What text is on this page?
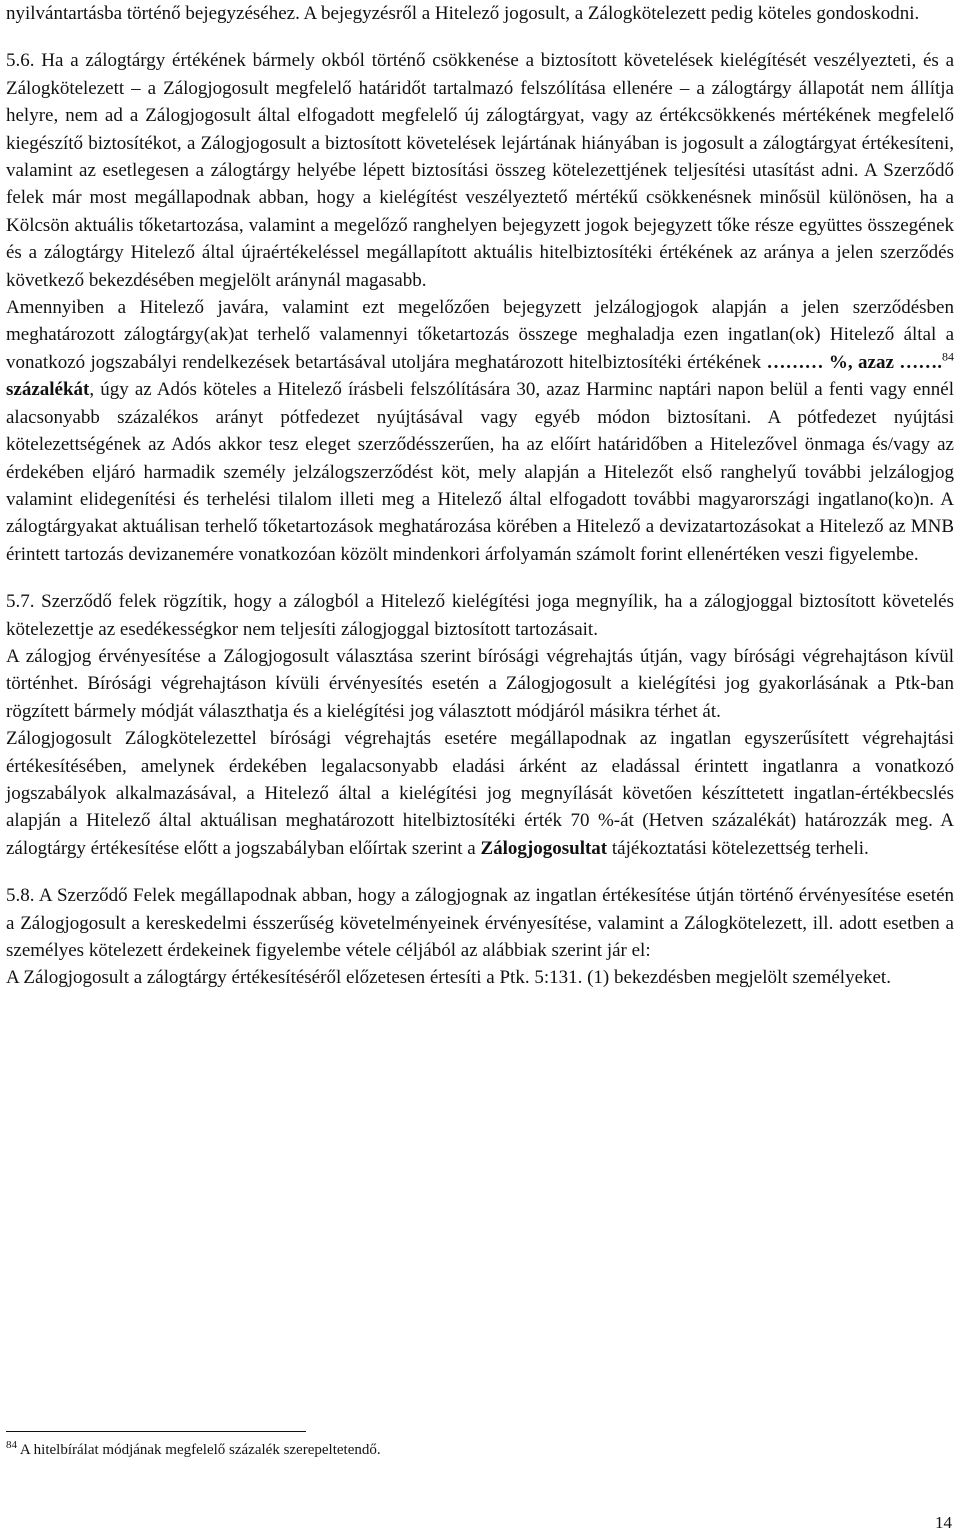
nyilvántartásba történő bejegyzéséhez. A bejegyzésről a Hitelező jogosult, a Zálogkötelezett pedig köteles gondoskodni.

5.6. Ha a zálogtárgy értékének bármely okból történő csökkenése a biztosított követelések kielégítését veszélyezteti, és a Zálogkötelezett – a Zálogjogosult megfelelő határidőt tartalmazó felszólítása ellenére – a zálogtárgy állapotát nem állítja helyre, nem ad a Zálogjogosult által elfogadott megfelelő új zálogtárgyat, vagy az értékcsökkenés mértékének megfelelő kiegészítő biztosítékot, a Zálogjogosult a biztosított követelések lejártának hiányában is jogosult a zálogtárgyat értékesíteni, valamint az esetlegesen a zálogtárgy helyébe lépett biztosítási összeg kötelezettjének teljesítési utasítást adni. A Szerződő felek már most megállapodnak abban, hogy a kielégítést veszélyeztető mértékű csökkenésnek minősül különösen, ha a Kölcsön aktuális tőketartozása, valamint a megelőző ranghelyen bejegyzett jogok bejegyzett tőke része együttes összegének és a zálogtárgy Hitelező által újraértékeléssel megállapított aktuális hitelbiztosítéki értékének az aránya a jelen szerződés következő bekezdésében megjelölt aránynál magasabb.

Amennyiben a Hitelező javára, valamint ezt megelőzően bejegyzett jelzálogjogok alapján a jelen szerződésben meghatározott zálogtárgy(ak)at terhelő valamennyi tőketartozás összege meghaladja ezen ingatlan(ok) Hitelező által a vonatkozó jogszabályi rendelkezések betartásával utoljára meghatározott hitelbiztosítéki értékének ……… %, azaz …….$^{84}$ százalékát, úgy az Adós köteles a Hitelező írásbeli felszólítására 30, azaz Harminc naptári napon belül a fenti vagy ennél alacsonyabb százalékos arányt pótfedezet nyújtásával vagy egyéb módon biztosítani. A pótfedezet nyújtási kötelezettségének az Adós akkor tesz eleget szerződésszerűen, ha az előírt határidőben a Hitelezővel önmaga és/vagy az érdekében eljáró harmadik személy jelzálogszerződést köt, mely alapján a Hitelezőt első ranghelyű további jelzálogjog valamint elidegenítési és terhelési tilalom illeti meg a Hitelező által elfogadott további magyarországi ingatlano(ko)n. A zálogtárgyakat aktuálisan terhelő tőketartozások meghatározása körében a Hitelező a devizatartozásokat a Hitelező az MNB érintett tartozás devizanemére vonatkozóan közölt mindenkori árfolyamán számolt forint ellenértéken veszi figyelembe.

5.7. Szerződő felek rögzítik, hogy a zálogból a Hitelező kielégítési joga megnyílik, ha a zálogjoggal biztosított követelés kötelezettje az esedékességkor nem teljesíti zálogjoggal biztosított tartozásait.

A zálogjog érvényesítése a Zálogjogosult választása szerint bírósági végrehajtás útján, vagy bírósági végrehajtáson kívül történhet. Bírósági végrehajtáson kívüli érvényesítés esetén a Zálogjogosult a kielégítési jog gyakorlásának a Ptk-ban rögzített bármely módját választhatja és a kielégítési jog választott módjáról másikra térhet át.

Zálogjogosult Zálogkötelezettel bírósági végrehajtás esetére megállapodnak az ingatlan egyszerűsített végrehajtási értékesítésében, amelynek érdekében legalacsonyabb eladási árként az eladással érintett ingatlanra a vonatkozó jogszabályok alkalmazásával, a Hitelező által a kielégítési jog megnyílását követően készíttetett ingatlan-értékbecslés alapján a Hitelező által aktuálisan meghatározott hitelbiztosítéki érték 70 %-át (Hetven százalékát) határozzák meg. A zálogtárgy értékesítése előtt a jogszabályban előírtak szerint a Zálogjogosultat tájékoztatási kötelezettség terheli.

5.8. A Szerződő Felek megállapodnak abban, hogy a zálogjognak az ingatlan értékesítése útján történő érvényesítése esetén a Zálogjogosult a kereskedelmi ésszerűség követelményeinek érvényesítése, valamint a Zálogkötelezett, ill. adott esetben a személyes kötelezett érdekeinek figyelembe vétele céljából az alábbiak szerint jár el:

A Zálogjogosult a zálogtárgy értékesítéséről előzetesen értesíti a Ptk. 5:131. (1) bekezdésben megjelölt személyeket.

$^{84}$ A hitelbírálat módjának megfelelő százalék szerepeltetendő.
14
